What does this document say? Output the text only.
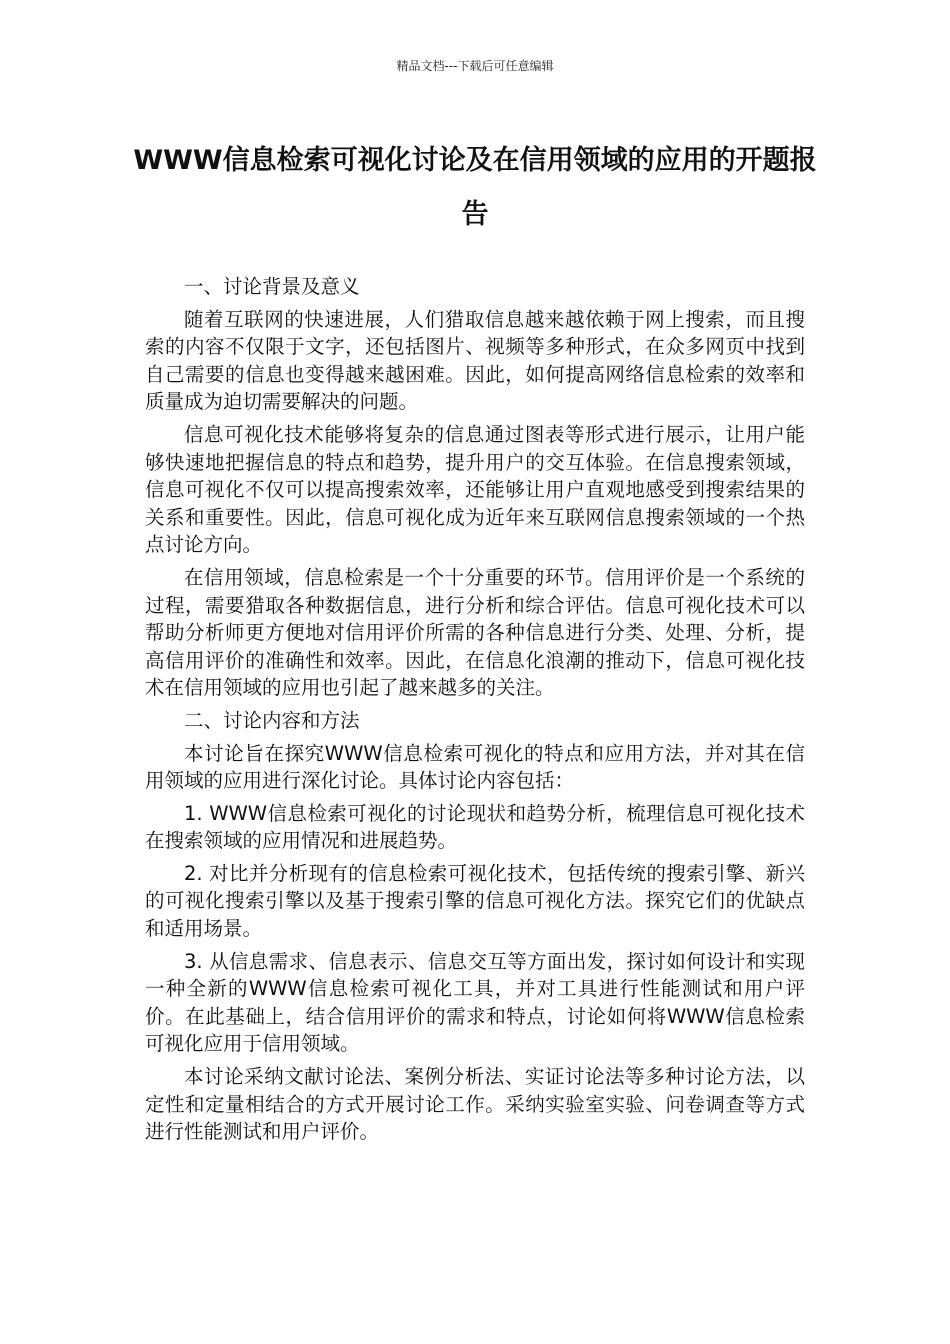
精品文档---下载后可任意编辑
WWW信息检索可视化讨论及在信用领域的应用的开题报告

一、讨论背景及意义

随着互联网的快速进展，人们猎取信息越来越依赖于网上搜索，而且搜索的内容不仅限于文字，还包括图片、视频等多种形式，在众多网页中找到自己需要的信息也变得越来越困难。因此，如何提高网络信息检索的效率和质量成为迫切需要解决的问题。

信息可视化技术能够将复杂的信息通过图表等形式进行展示，让用户能够快速地把握信息的特点和趋势，提升用户的交互体验。在信息搜索领域，信息可视化不仅可以提高搜索效率，还能够让用户直观地感受到搜索结果的关系和重要性。因此，信息可视化成为近年来互联网信息搜索领域的一个热点讨论方向。

在信用领域，信息检索是一个十分重要的环节。信用评价是一个系统的过程，需要猎取各种数据信息，进行分析和综合评估。信息可视化技术可以帮助分析师更方便地对信用评价所需的各种信息进行分类、处理、分析，提高信用评价的准确性和效率。因此，在信息化浪潮的推动下，信息可视化技术在信用领域的应用也引起了越来越多的关注。

二、讨论内容和方法

本讨论旨在探究WWW信息检索可视化的特点和应用方法，并对其在信用领域的应用进行深化讨论。具体讨论内容包括：

1. WWW信息检索可视化的讨论现状和趋势分析，梳理信息可视化技术在搜索领域的应用情况和进展趋势。

2. 对比并分析现有的信息检索可视化技术，包括传统的搜索引擎、新兴的可视化搜索引擎以及基于搜索引擎的信息可视化方法。探究它们的优缺点和适用场景。

3. 从信息需求、信息表示、信息交互等方面出发，探讨如何设计和实现一种全新的WWW信息检索可视化工具，并对工具进行性能测试和用户评价。在此基础上，结合信用评价的需求和特点，讨论如何将WWW信息检索可视化应用于信用领域。

本讨论采纳文献讨论法、案例分析法、实证讨论法等多种讨论方法，以定性和定量相结合的方式开展讨论工作。采纳实验室实验、问卷调查等方式进行性能测试和用户评价。
